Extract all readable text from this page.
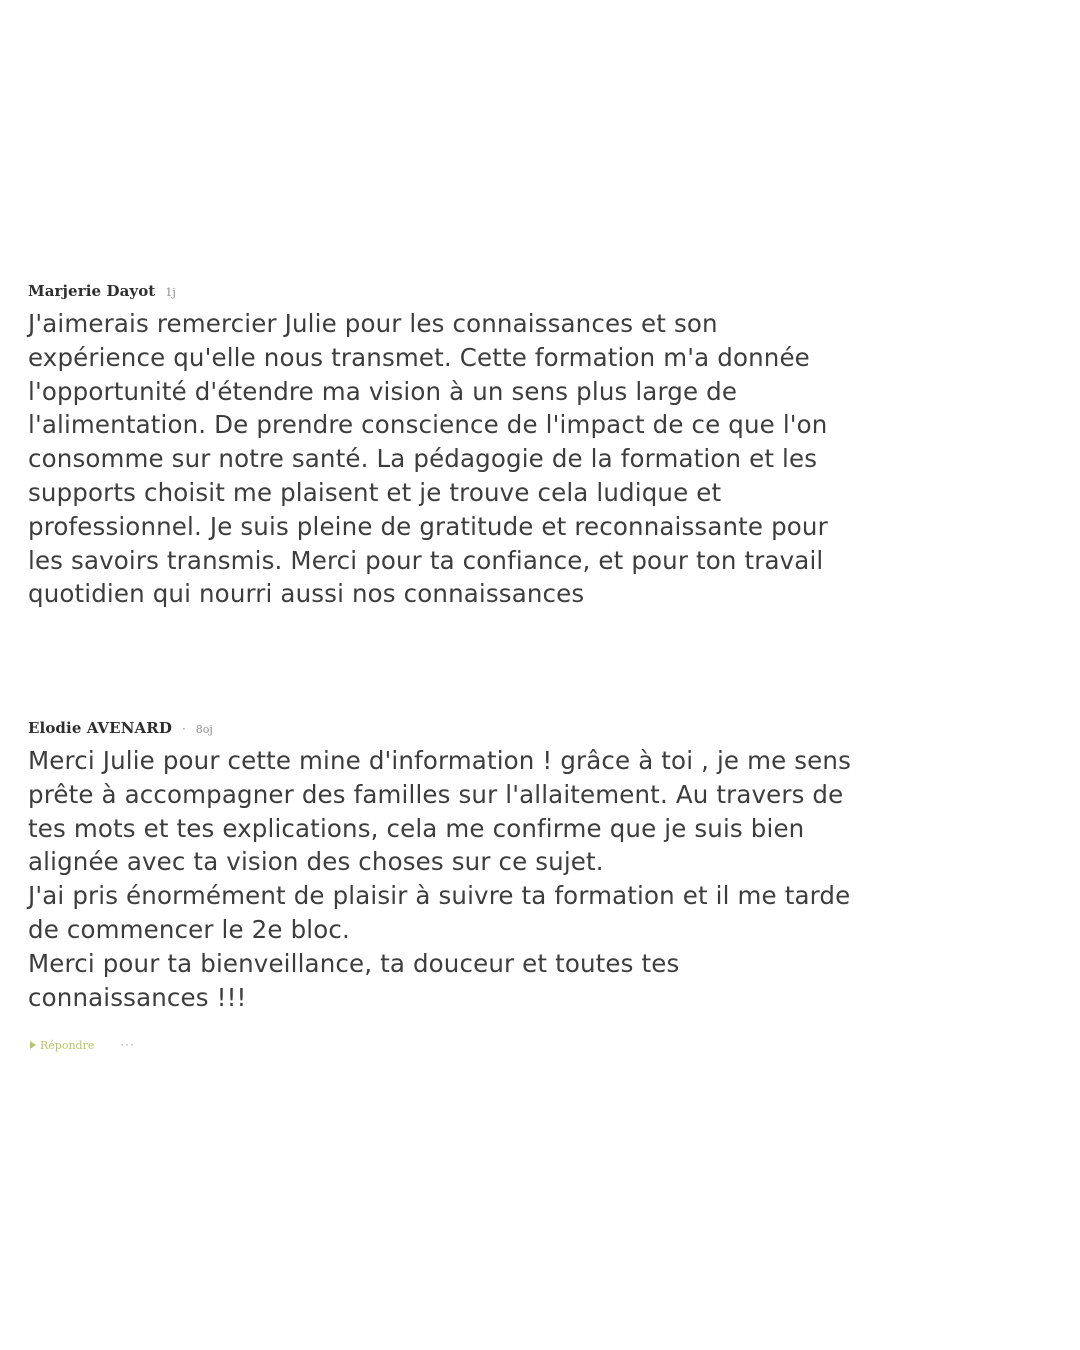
Marjerie Dayot 1j

J'aimerais remercier Julie pour les connaissances et son

expérience qu'elle nous transmet. Cette formation m'a donnée

l'opportunité d'étendre ma vision à un sens plus large de

l'alimentation. De prendre conscience de l'impact de ce que l'on

consomme sur notre santé. La pédagogie de la formation et les

supports choisit me plaisent et je trouve cela ludique et

professionnel. Je suis pleine de gratitude et reconnaissante pour

les savoirs transmis. Merci pour ta confiance, et pour ton travail

quotidien qui nourri aussi nos connaissances

Elodie AVENARD · 8oj

Merci Julie pour cette mine d'information ! grâce à toi , je me sens

prête à accompagner des familles sur l'allaitement. Au travers de

tes mots et tes explications, cela me confirme que je suis bien

alignée avec ta vision des choses sur ce sujet.

J'ai pris énormément de plaisir à suivre ta formation et il me tarde

de commencer le 2e bloc.

Merci pour ta bienveillance, ta douceur et toutes tes

connaissances !!!

Répondre ···
